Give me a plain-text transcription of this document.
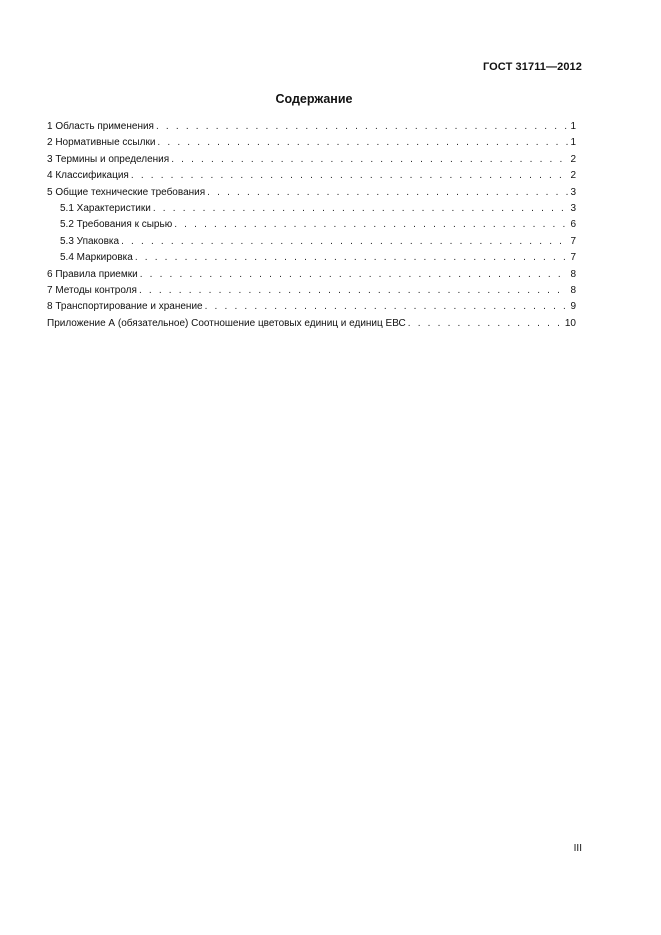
ГОСТ 31711—2012
Содержание
1 Область применения . . .	1
2 Нормативные ссылки . . .	1
3 Термины и определения . . .	2
4 Классификация . . .	2
5 Общие технические требования . . .	3
5.1 Характеристики . . .	3
5.2 Требования к сырью . . .	6
5.3 Упаковка . . .	7
5.4 Маркировка . . .	7
6 Правила приемки . . .	8
7 Методы контроля . . .	8
8 Транспортирование и хранение . . .	9
Приложение А (обязательное) Соотношение цветовых единиц и единиц ЕВС . . .	10
III
